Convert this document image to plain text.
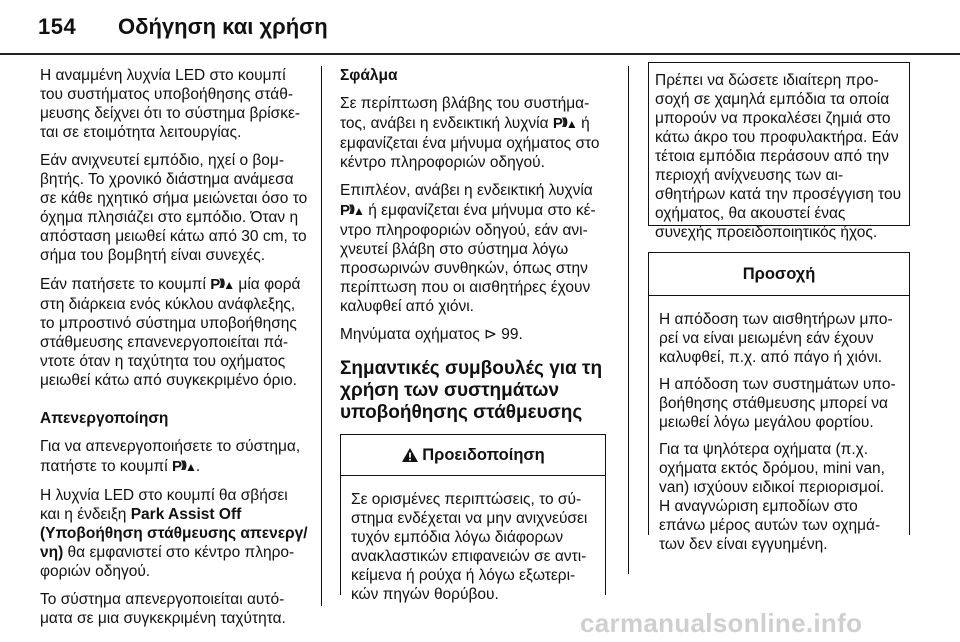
154 Οδήγηση και χρήση

Η αναμμένη λυχνία LED στο κουμπί του συστήματος υποβοήθησης στάθμευσης δείχνει ότι το σύστημα βρίσκεται σε ετοιμότητα λειτουργίας.

Εάν ανιχνευτεί εμπόδιο, ηχεί ο βομβητής. Το χρονικό διάστημα ανάμεσα σε κάθε ηχητικό σήμα μειώνεται όσο το όχημα πλησιάζει στο εμπόδιο. Όταν η απόσταση μειωθεί κάτω από 30 cm, το σήμα του βομβητή είναι συνεχές.

Εάν πατήσετε το κουμπί P)))▲ μία φορά στη διάρκεια ενός κύκλου ανάφλεξης, το μπροστινό σύστημα υποβοήθησης στάθμευσης επανενεργοποιείται πάντοτε όταν η ταχύτητα του οχήματος μειωθεί κάτω από συγκεκριμένο όριο.

Απενεργοποίηση

Για να απενεργοποιήσετε το σύστημα, πατήστε το κουμπί P)))▲.

Η λυχνία LED στο κουμπί θα σβήσει και η ένδειξη Park Assist Off (Υποβοήθηση στάθμευσης απενεργ/ νη) θα εμφανιστεί στο κέντρο πληροφοριών οδηγού.

Το σύστημα απενεργοποιείται αυτόματα σε μια συγκεκριμένη ταχύτητα.

Σφάλμα

Σε περίπτωση βλάβης του συστήματος, ανάβει η ενδεικτική λυχνία P)))▲ ή εμφανίζεται ένα μήνυμα οχήματος στο κέντρο πληροφοριών οδηγού.

Επιπλέον, ανάβει η ενδεικτική λυχνία P)))▲ ή εμφανίζεται ένα μήνυμα στο κέντρο πληροφοριών οδηγού, εάν ανιχνευτεί βλάβη στο σύστημα λόγω προσωρινών συνθηκών, όπως στην περίπτωση που οι αισθητήρες έχουν καλυφθεί από χιόνι.

Μηνύματα οχήματος ⊳ 99.

Σημαντικές συμβουλές για τη χρήση των συστημάτων υποβοήθησης στάθμευσης
Προειδοποίηση
Σε ορισμένες περιπτώσεις, το σύστημα ενδέχεται να μην ανιχνεύσει τυχόν εμπόδια λόγω διάφορων ανακλαστικών επιφανειών σε αντικείμενα ή ρούχα ή λόγω εξωτερικών πηγών θορύβου.
Πρέπει να δώσετε ιδιαίτερη προσοχή σε χαμηλά εμπόδια τα οποία μπορούν να προκαλέσει ζημιά στο κάτω άκρο του προφυλακτήρα. Εάν τέτοια εμπόδια περάσουν από την περιοχή ανίχνευσης των αισθητήρων κατά την προσέγγιση του οχήματος, θα ακουστεί ένας συνεχής προειδοποιητικός ήχος.
Προσοχή

Η απόδοση των αισθητήρων μπορεί να είναι μειωμένη εάν έχουν καλυφθεί, π.χ. από πάγο ή χιόνι.

Η απόδοση των συστημάτων υποβοήθησης στάθμευσης μπορεί να μειωθεί λόγω μεγάλου φορτίου.

Για τα ψηλότερα οχήματα (π.χ. οχήματα εκτός δρόμου, mini van, van) ισχύουν ειδικοί περιορισμοί. Η αναγνώριση εμποδίων στο επάνω μέρος αυτών των οχημάτων δεν είναι εγγυημένη.

carmanualsonline.info
